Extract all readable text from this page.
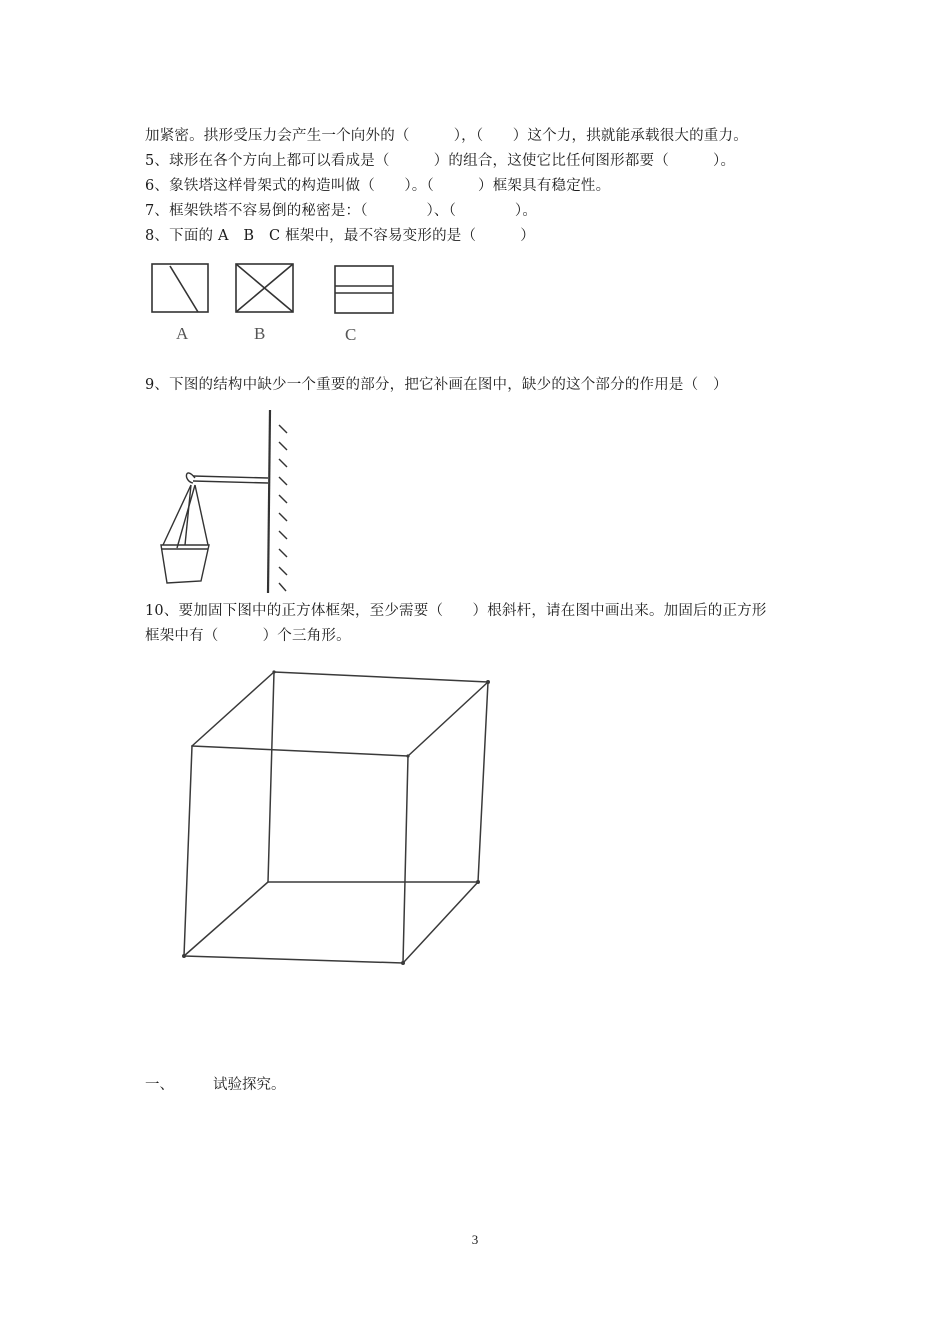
加紧密。拱形受压力会产生一个向外的（　　　），（　　）这个力，拱就能承载很大的重力。
5、球形在各个方向上都可以看成是（　　　）的组合，这使它比任何图形都要（　　　）。
6、象铁塔这样骨架式的构造叫做（　　）。（　　　）框架具有稳定性。
7、框架铁塔不容易倒的秘密是：（　　　　）、（　　　　）。
8、下面的 A　B　C 框架中，最不容易变形的是（　　　）
A	B	C
9、下图的结构中缺少一个重要的部分，把它补画在图中，缺少的这个部分的作用是（　）
10、要加固下图中的正方体框架，至少需要（　　）根斜杆，请在图中画出来。加固后的正方形
框架中有（　　　）个三角形。
一、	试验探究。
3
